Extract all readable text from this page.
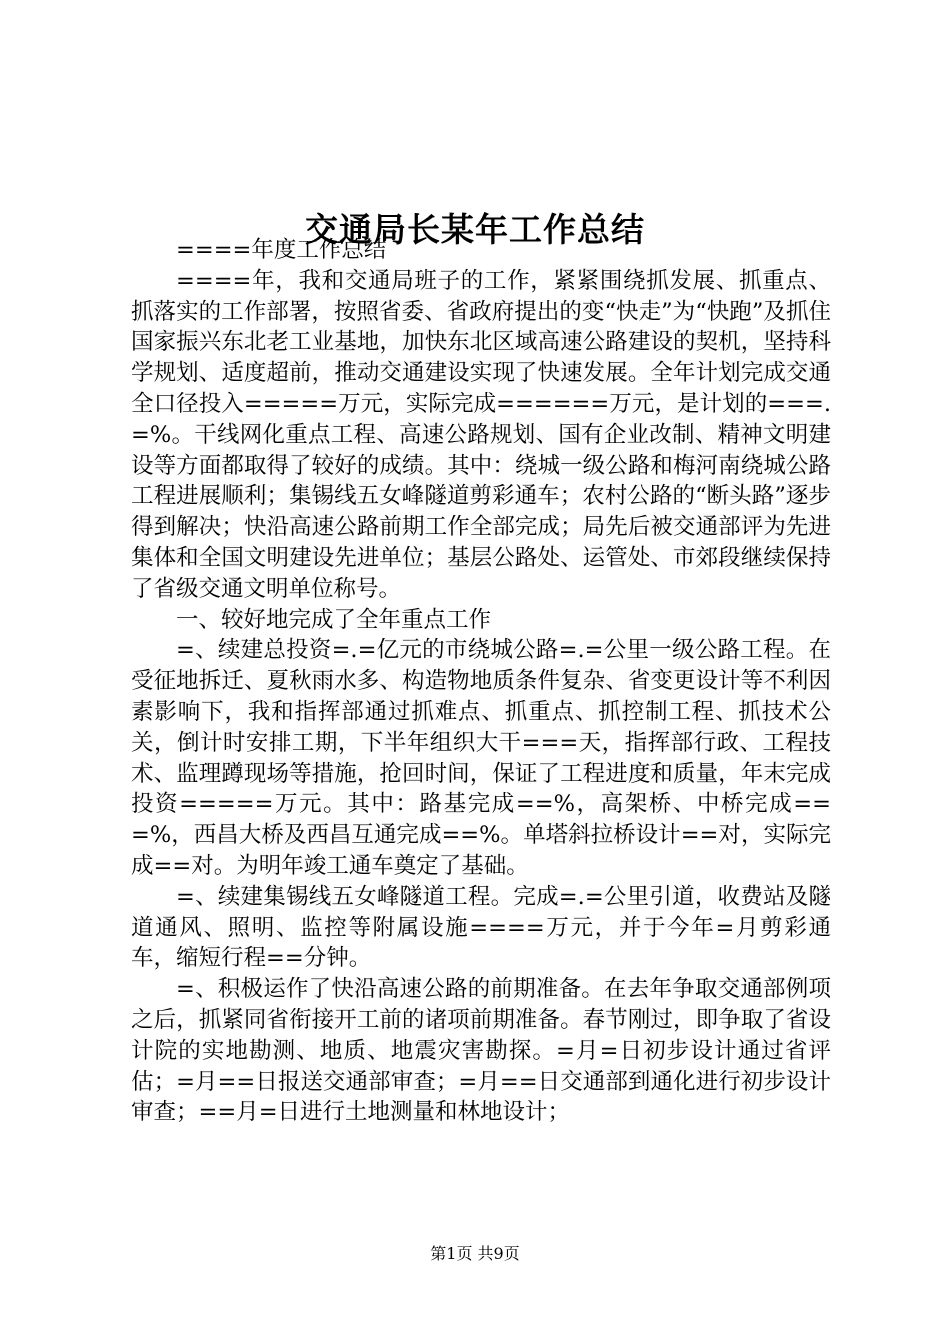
交通局长某年工作总结

====年度工作总结

====年，我和交通局班子的工作，紧紧围绕抓发展、抓重点、抓落实的工作部署，按照省委、省政府提出的变“快走”为“快跑”及抓住国家振兴东北老工业基地，加快东北区域高速公路建设的契机，坚持科学规划、适度超前，推动交通建设实现了快速发展。全年计划完成交通全口径投入=====万元，实际完成======万元，是计划的===.=%。干线网化重点工程、高速公路规划、国有企业改制、精神文明建设等方面都取得了较好的成绩。其中：绕城一级公路和梅河南绕城公路工程进展顺利；集锡线五女峰隧道剪彩通车；农村公路的“断头路”逐步得到解决；快沿高速公路前期工作全部完成；局先后被交通部评为先进集体和全国文明建设先进单位；基层公路处、运管处、市郊段继续保持了省级交通文明单位称号。

一、较好地完成了全年重点工作

=、续建总投资=.=亿元的市绕城公路=.=公里一级公路工程。在受征地拆迁、夏秋雨水多、构造物地质条件复杂、省变更设计等不利因素影响下，我和指挥部通过抓难点、抓重点、抓控制工程、抓技术公关，倒计时安排工期，下半年组织大干===天，指挥部行政、工程技术、监理蹲现场等措施，抢回时间，保证了工程进度和质量，年末完成投资=====万元。其中：路基完成==%，高架桥、中桥完成===%，西昌大桥及西昌互通完成==%。单塔斜拉桥设计==对，实际完成==对。为明年竣工通车奠定了基础。

=、续建集锡线五女峰隧道工程。完成=.=公里引道，收费站及隧道通风、照明、监控等附属设施====万元，并于今年=月剪彩通车，缩短行程==分钟。

=、积极运作了快沿高速公路的前期准备。在去年争取交通部例项之后，抓紧同省衔接开工前的诸项前期准备。春节刚过，即争取了省设计院的实地勘测、地质、地震灾害勘探。=月=日初步设计通过省评估；=月==日报送交通部审查；=月==日交通部到通化进行初步设计审查；==月=日进行土地测量和林地设计；

第1页 共9页
